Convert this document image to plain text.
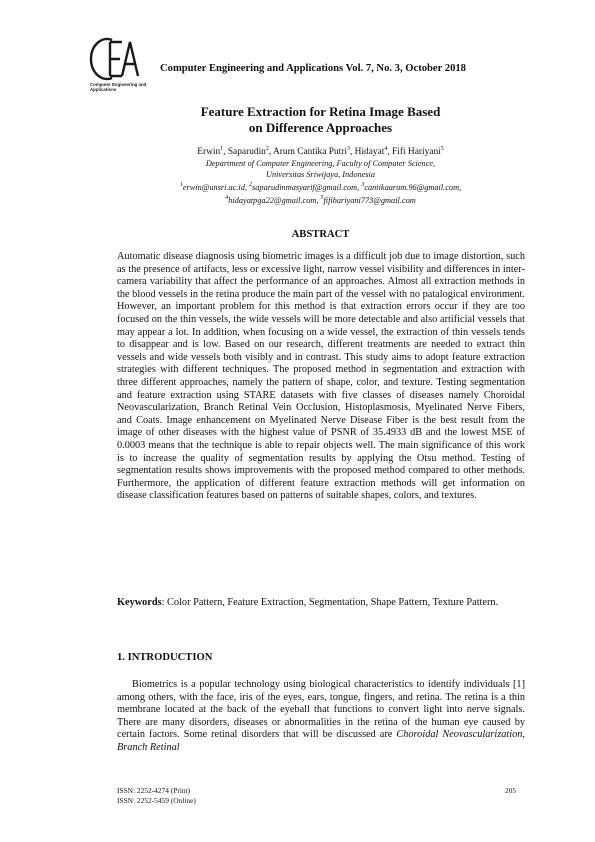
Computer Engineering and Applications
Computer Engineering and Applications Vol. 7, No. 3, October 2018
Feature Extraction for Retina Image Based
on Difference Approaches
Erwin$^1$, Saparudin$^2$, Arum Cantika Putri$^3$, Hidayat$^4$, Fifi Hariyani$^5$
Department of Computer Engineering, Faculty of Computer Science,
Universitas Sriwijaya, Indonesia
$^1$erwin@unsri.ac.id, $^2$saparudinmasyarif@gmail.com, $^3$cantikaarum.96@gmail.com,
$^4$hidayatpga22@gmail.com, $^5$fifihariyani773@gmail.com
ABSTRACT
Automatic disease diagnosis using biometric images is a difficult job due to image distortion, such as the presence of artifacts, less or excessive light, narrow vessel visibility and differences in inter-camera variability that affect the performance of an approaches. Almost all extraction methods in the blood vessels in the retina produce the main part of the vessel with no patalogical environment. However, an important problem for this method is that extraction errors occur if they are too focused on the thin vessels, the wide vessels will be more detectable and also artificial vessels that may appear a lot. In addition, when focusing on a wide vessel, the extraction of thin vessels tends to disappear and is low. Based on our research, different treatments are needed to extract thin vessels and wide vessels both visibly and in contrast. This study aims to adopt feature extraction strategies with different techniques. The proposed method in segmentation and extraction with three different approaches, namely the pattern of shape, color, and texture. Testing segmentation and feature extraction using STARE datasets with five classes of diseases namely Choroidal Neovascularization, Branch Retinal Vein Occlusion, Histoplasmosis, Myelinated Nerve Fibers, and Coats. Image enhancement on Myelinated Nerve Disease Fiber is the best result from the image of other diseases with the highest value of PSNR of 35.4933 dB and the lowest MSE of 0.0003 means that the technique is able to repair objects well. The main significance of this work is to increase the quality of segmentation results by applying the Otsu method. Testing of segmentation results shows improvements with the proposed method compared to other methods. Furthermore, the application of different feature extraction methods will get information on disease classification features based on patterns of suitable shapes, colors, and textures.
Keywords: Color Pattern, Feature Extraction, Segmentation, Shape Pattern, Texture Pattern.
1. INTRODUCTION
Biometrics is a popular technology using biological characteristics to identify individuals [1] among others, with the face, iris of the eyes, ears, tongue, fingers, and retina. The retina is a thin membrane located at the back of the eyeball that functions to convert light into nerve signals. There are many disorders, diseases or abnormalities in the retina of the human eye caused by certain factors. Some retinal disorders that will be discussed are Choroidal Neovascularization, Branch Retinal
ISSN: 2252-4274 (Print)
ISSN: 2252-5459 (Online)
205
